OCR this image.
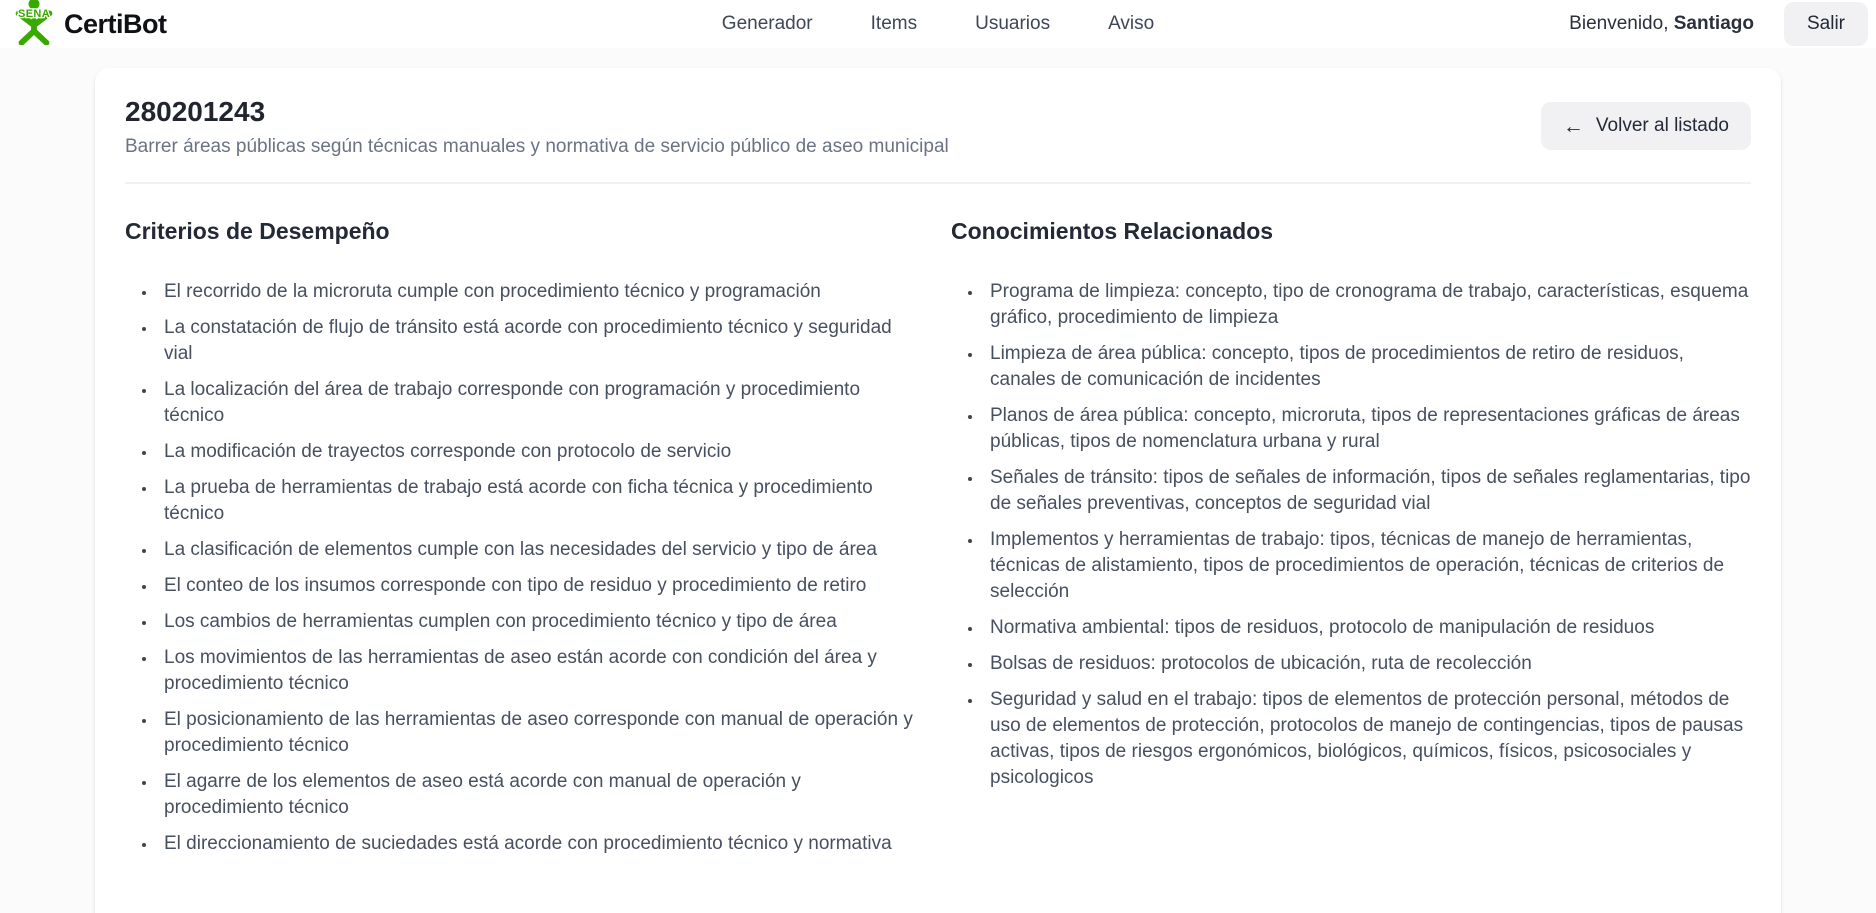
SENA CertiBot	Generador	Items	Usuarios	Aviso	Bienvenido, Santiago	Salir
280201243

Barrer áreas públicas según técnicas manuales y normativa de servicio público de aseo municipal

← Volver al listado
Criterios de Desempeño
• El recorrido de la microruta cumple con procedimiento técnico y programación
• La constatación de flujo de tránsito está acorde con procedimiento técnico y seguridad vial
• La localización del área de trabajo corresponde con programación y procedimiento técnico
• La modificación de trayectos corresponde con protocolo de servicio
• La prueba de herramientas de trabajo está acorde con ficha técnica y procedimiento técnico
• La clasificación de elementos cumple con las necesidades del servicio y tipo de área
• El conteo de los insumos corresponde con tipo de residuo y procedimiento de retiro
• Los cambios de herramientas cumplen con procedimiento técnico y tipo de área
• Los movimientos de las herramientas de aseo están acorde con condición del área y procedimiento técnico
• El posicionamiento de las herramientas de aseo corresponde con manual de operación y procedimiento técnico
• El agarre de los elementos de aseo está acorde con manual de operación y procedimiento técnico
• El direccionamiento de suciedades está acorde con procedimiento técnico y normativa
Conocimientos Relacionados
• Programa de limpieza: concepto, tipo de cronograma de trabajo, características, esquema gráfico, procedimiento de limpieza
• Limpieza de área pública: concepto, tipos de procedimientos de retiro de residuos, canales de comunicación de incidentes
• Planos de área pública: concepto, microruta, tipos de representaciones gráficas de áreas públicas, tipos de nomenclatura urbana y rural
• Señales de tránsito: tipos de señales de información, tipos de señales reglamentarias, tipo de señales preventivas, conceptos de seguridad vial
• Implementos y herramientas de trabajo: tipos, técnicas de manejo de herramientas, técnicas de alistamiento, tipos de procedimientos de operación, técnicas de criterios de selección
• Normativa ambiental: tipos de residuos, protocolo de manipulación de residuos
• Bolsas de residuos: protocolos de ubicación, ruta de recolección
• Seguridad y salud en el trabajo: tipos de elementos de protección personal, métodos de uso de elementos de protección, protocolos de manejo de contingencias, tipos de pausas activas, tipos de riesgos ergonómicos, biológicos, químicos, físicos, psicosociales y psicologicos
